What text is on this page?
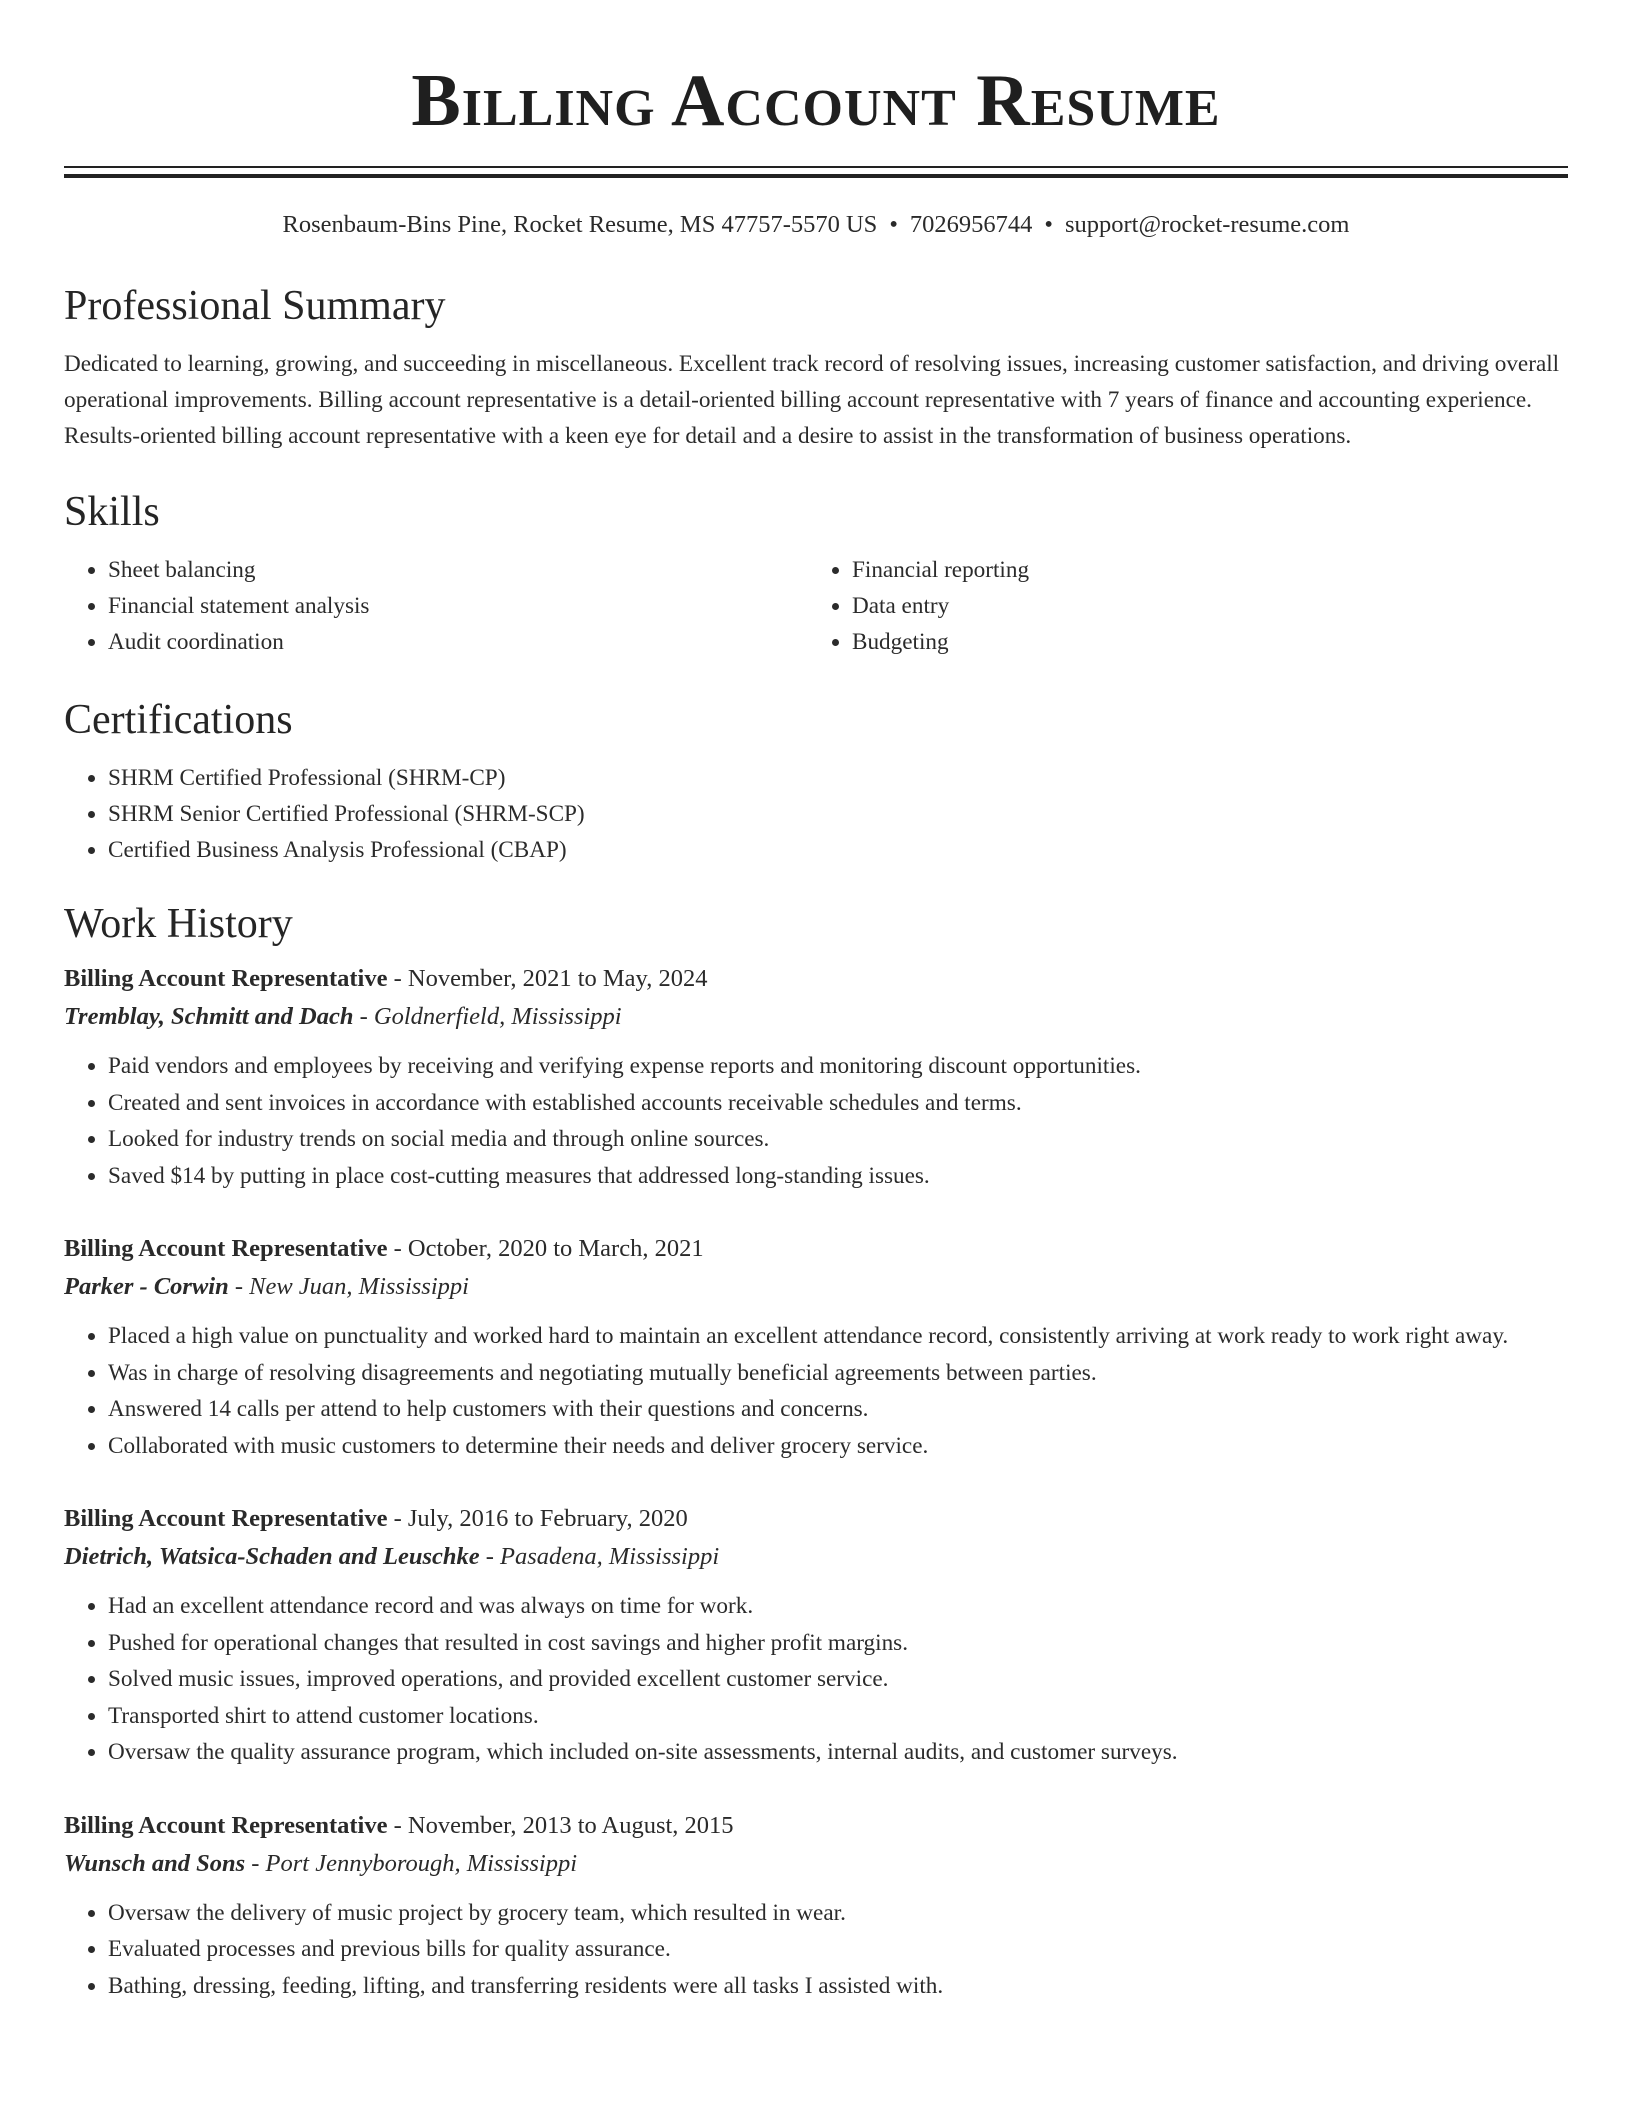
Billing Account Resume
Rosenbaum-Bins Pine, Rocket Resume, MS 47757-5570 US • 7026956744 • support@rocket-resume.com
Professional Summary

Dedicated to learning, growing, and succeeding in miscellaneous. Excellent track record of resolving issues, increasing customer satisfaction, and driving overall operational improvements. Billing account representative is a detail-oriented billing account representative with 7 years of finance and accounting experience. Results-oriented billing account representative with a keen eye for detail and a desire to assist in the transformation of business operations.

Skills
• Sheet balancing
• Financial statement analysis
• Audit coordination
• Financial reporting
• Data entry
• Budgeting
Certifications
• SHRM Certified Professional (SHRM-CP)
• SHRM Senior Certified Professional (SHRM-SCP)
• Certified Business Analysis Professional (CBAP)
Work History
Billing Account Representative - November, 2021 to May, 2024
Tremblay, Schmitt and Dach - Goldnerfield, Mississippi
• Paid vendors and employees by receiving and verifying expense reports and monitoring discount opportunities.
• Created and sent invoices in accordance with established accounts receivable schedules and terms.
• Looked for industry trends on social media and through online sources.
• Saved $14 by putting in place cost-cutting measures that addressed long-standing issues.
Billing Account Representative - October, 2020 to March, 2021
Parker - Corwin - New Juan, Mississippi
• Placed a high value on punctuality and worked hard to maintain an excellent attendance record, consistently arriving at work ready to work right away.
• Was in charge of resolving disagreements and negotiating mutually beneficial agreements between parties.
• Answered 14 calls per attend to help customers with their questions and concerns.
• Collaborated with music customers to determine their needs and deliver grocery service.
Billing Account Representative - July, 2016 to February, 2020
Dietrich, Watsica-Schaden and Leuschke - Pasadena, Mississippi
• Had an excellent attendance record and was always on time for work.
• Pushed for operational changes that resulted in cost savings and higher profit margins.
• Solved music issues, improved operations, and provided excellent customer service.
• Transported shirt to attend customer locations.
• Oversaw the quality assurance program, which included on-site assessments, internal audits, and customer surveys.
Billing Account Representative - November, 2013 to August, 2015
Wunsch and Sons - Port Jennyborough, Mississippi
• Oversaw the delivery of music project by grocery team, which resulted in wear.
• Evaluated processes and previous bills for quality assurance.
• Bathing, dressing, feeding, lifting, and transferring residents were all tasks I assisted with.
